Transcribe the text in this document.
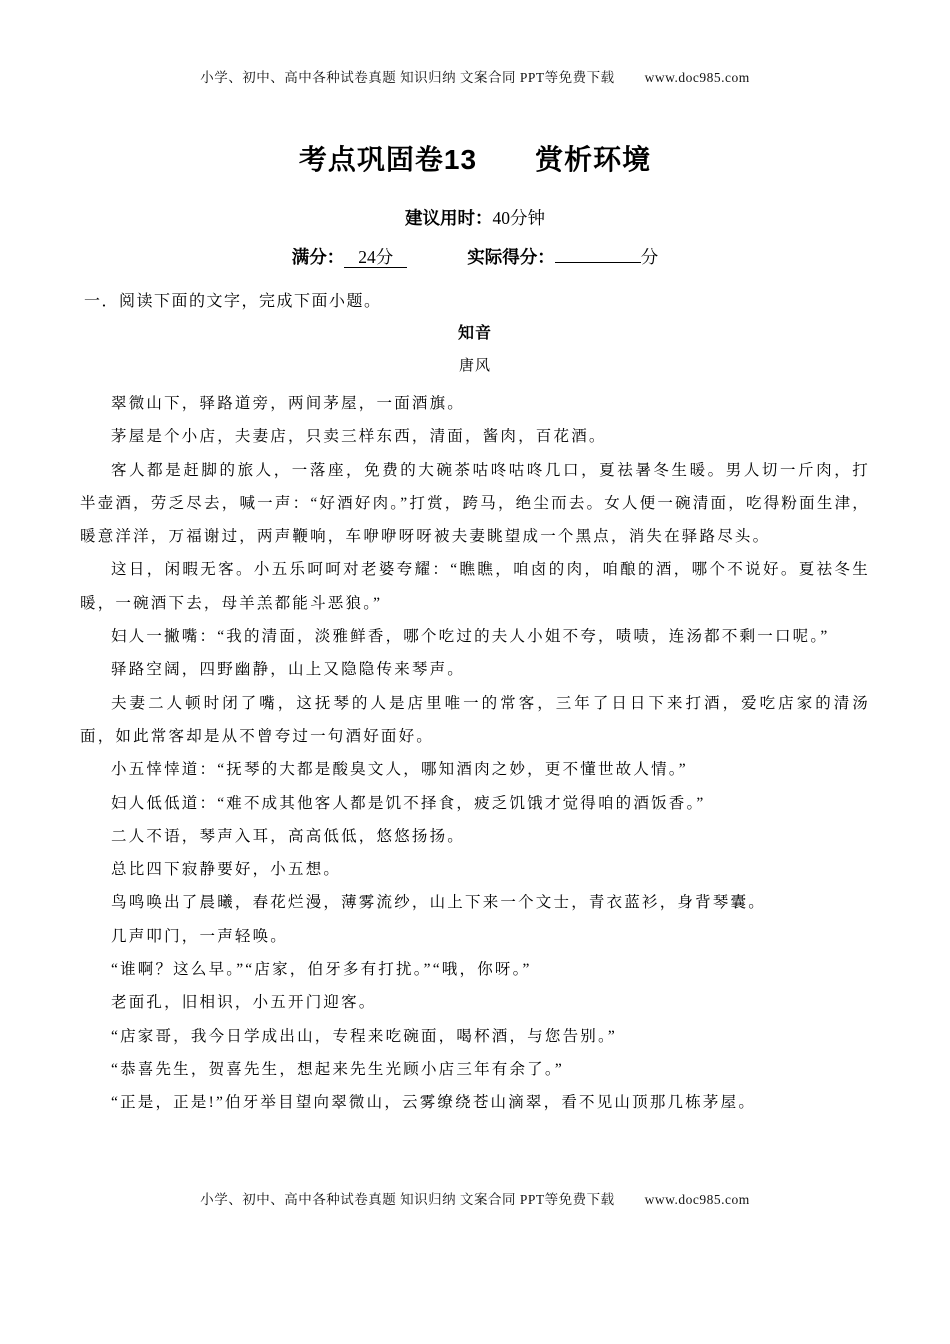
小学、初中、高中各种试卷真题 知识归纳 文案合同 PPT等免费下载 www.doc985.com
考点巩固卷13　　赏析环境
建议用时：40分钟
满分： 24分	实际得分：	分
一．阅读下面的文字，完成下面小题。
知音
唐风

翠微山下，驿路道旁，两间茅屋，一面酒旗。

茅屋是个小店，夫妻店，只卖三样东西，清面，酱肉，百花酒。

客人都是赶脚的旅人，一落座，免费的大碗茶咕咚咕咚几口，夏祛暑冬生暖。男人切一斤肉，打半壶酒，劳乏尽去，喊一声：“好酒好肉。”打赏，跨马，绝尘而去。女人便一碗清面，吃得粉面生津，暖意洋洋，万福谢过，两声鞭响，车咿咿呀呀被夫妻眺望成一个黑点，消失在驿路尽头。

这日，闲暇无客。小五乐呵呵对老婆夸耀：“瞧瞧，咱卤的肉，咱酿的酒，哪个不说好。夏祛冬生暖，一碗酒下去，母羊羔都能斗恶狼。”

妇人一撇嘴：“我的清面，淡雅鲜香，哪个吃过的夫人小姐不夸，啧啧，连汤都不剩一口呢。”

驿路空阔，四野幽静，山上又隐隐传来琴声。

夫妻二人顿时闭了嘴，这抚琴的人是店里唯一的常客，三年了日日下来打酒，爱吃店家的清汤面，如此常客却是从不曾夸过一句酒好面好。

小五悻悻道：“抚琴的大都是酸臭文人，哪知酒肉之妙，更不懂世故人情。”

妇人低低道：“难不成其他客人都是饥不择食，疲乏饥饿才觉得咱的酒饭香。”

二人不语，琴声入耳，高高低低，悠悠扬扬。

总比四下寂静要好，小五想。

鸟鸣唤出了晨曦，春花烂漫，薄雾流纱，山上下来一个文士，青衣蓝衫，身背琴囊。

几声叩门，一声轻唤。

“谁啊？这么早。”“店家，伯牙多有打扰。”“哦，你呀。”

老面孔，旧相识，小五开门迎客。

“店家哥，我今日学成出山，专程来吃碗面，喝杯酒，与您告别。”

“恭喜先生，贺喜先生，想起来先生光顾小店三年有余了。”

“正是，正是!”伯牙举目望向翠微山，云雾缭绕苍山滴翠，看不见山顶那几栋茅屋。

小学、初中、高中各种试卷真题 知识归纳 文案合同 PPT等免费下载 www.doc985.com
